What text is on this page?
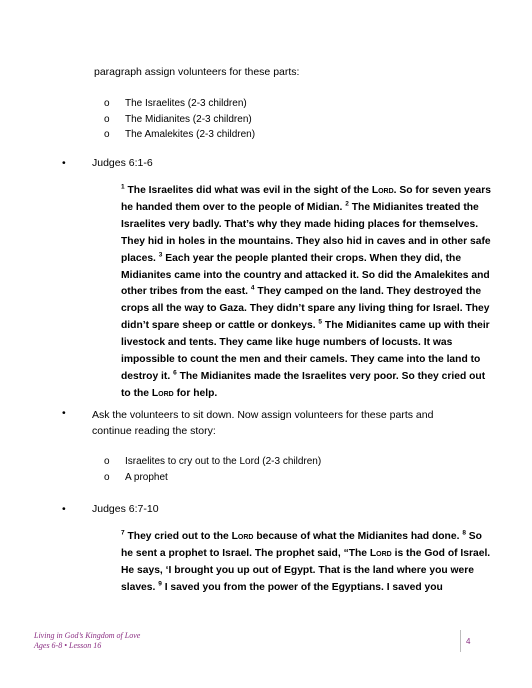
paragraph assign volunteers for these parts:
o The Israelites (2-3 children)
o The Midianites (2-3 children)
o The Amalekites (2-3 children)
•	Judges 6:1-6
$^1$ The Israelites did what was evil in the sight of the Lord. So for seven years he handed them over to the people of Midian. $^2$ The Midianites treated the Israelites very badly. That’s why they made hiding places for themselves. They hid in holes in the mountains. They also hid in caves and in other safe places. $^3$ Each year the people planted their crops. When they did, the Midianites came into the country and attacked it. So did the Amalekites and other tribes from the east. $^4$ They camped on the land. They destroyed the crops all the way to Gaza. They didn’t spare any living thing for Israel. They didn’t spare sheep or cattle or donkeys. $^5$ The Midianites came up with their livestock and tents. They came like huge numbers of locusts. It was impossible to count the men and their camels. They came into the land to destroy it. $^6$ The Midianites made the Israelites very poor. So they cried out to the Lord for help.
•	Ask the volunteers to sit down. Now assign volunteers for these parts and continue reading the story:
o Israelites to cry out to the Lord (2-3 children)
o A prophet
•	Judges 6:7-10
$^7$ They cried out to the Lord because of what the Midianites had done. $^8$ So he sent a prophet to Israel. The prophet said, “The Lord is the God of Israel. He says, ‘I brought you up out of Egypt. That is the land where you were slaves. $^9$ I saved you from the power of the Egyptians. I saved you
Living in God’s Kingdom of Love
Ages 6-8 • Lesson 16	4
